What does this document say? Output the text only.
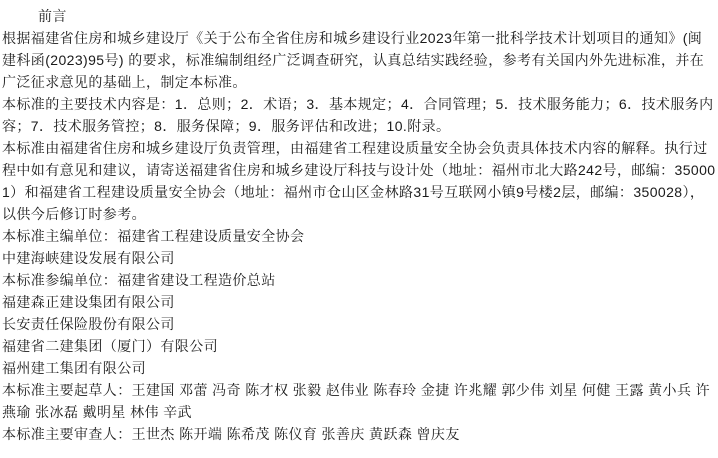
前言

根据福建省住房和城乡建设厅《关于公布全省住房和城乡建设行业2023年第一批科学技术计划项目的通知》(闽建科函(2023)95号) 的要求，标准编制组经广泛调查研究，认真总结实践经验，参考有关国内外先进标准，并在广泛征求意见的基础上，制定本标准。

本标准的主要技术内容是：1．总则；2．术语；3．基本规定；4．合同管理；5．技术服务能力；6．技术服务内容；7．技术服务管控；8．服务保障；9．服务评估和改进；10.附录。

本标准由福建省住房和城乡建设厅负责管理，由福建省工程建设质量安全协会负责具体技术内容的解释。执行过程中如有意见和建议，请寄送福建省住房和城乡建设厅科技与设计处（地址：福州市北大路242号，邮编：350001）和福建省工程建设质量安全协会（地址：福州市仓山区金林路31号互联网小镇9号楼2层，邮编：350028），以供今后修订时参考。

本标准主编单位：福建省工程建设质量安全协会

中建海峡建设发展有限公司

本标准参编单位：福建省建设工程造价总站

福建森正建设集团有限公司

长安责任保险股份有限公司

福建省二建集团（厦门）有限公司

福州建工集团有限公司

本标准主要起草人：王建国 邓蕾 冯奇 陈才权 张毅 赵伟业 陈春玲 金捷 许兆耀 郭少伟 刘星 何健 王露 黄小兵 许燕瑜 张冰磊 戴明星 林伟 辛武

本标准主要审查人：王世杰 陈开端 陈希茂 陈仪育 张善庆 黄跃森 曾庆友
